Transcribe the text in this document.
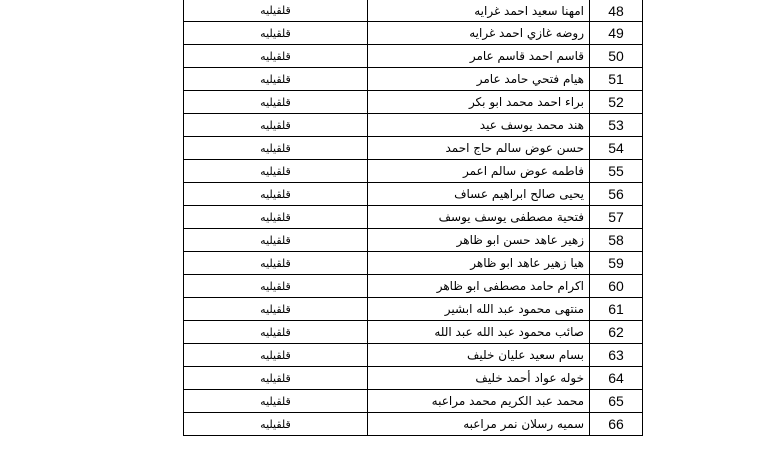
قلقيليه	امهنا سعيد احمد غرايه	48
قلقيليه	روضه غازي احمد غرايه	49
قلقيليه	قاسم احمد قاسم عامر	50
قلقيليه	هيام فتحي حامد عامر	51
قلقيليه	براء احمد محمد ابو بكر	52
قلقيليه	هند محمد يوسف عيد	53
قلقيليه	حسن عوض سالم حاج احمد	54
قلقيليه	فاطمه عوض سالم اعمر	55
قلقيليه	يحيى صالح ابراهيم عساف	56
قلقيليه	فتحية مصطفى يوسف يوسف	57
قلقيليه	زهير عاهد حسن ابو ظاهر	58
قلقيليه	هيا زهير عاهد ابو ظاهر	59
قلقيليه	اكرام حامد مصطفى ابو ظاهر	60
قلقيليه	منتهى محمود عبد الله ابشير	61
قلقيليه	صائب محمود عبد الله عبد الله	62
قلقيليه	بسام سعيد عليان خليف	63
قلقيليه	خوله عواد أحمد خليف	64
قلقيليه	محمد عبد الكريم محمد مراعبه	65
قلقيليه	سميه رسلان نمر مراعبه	66
